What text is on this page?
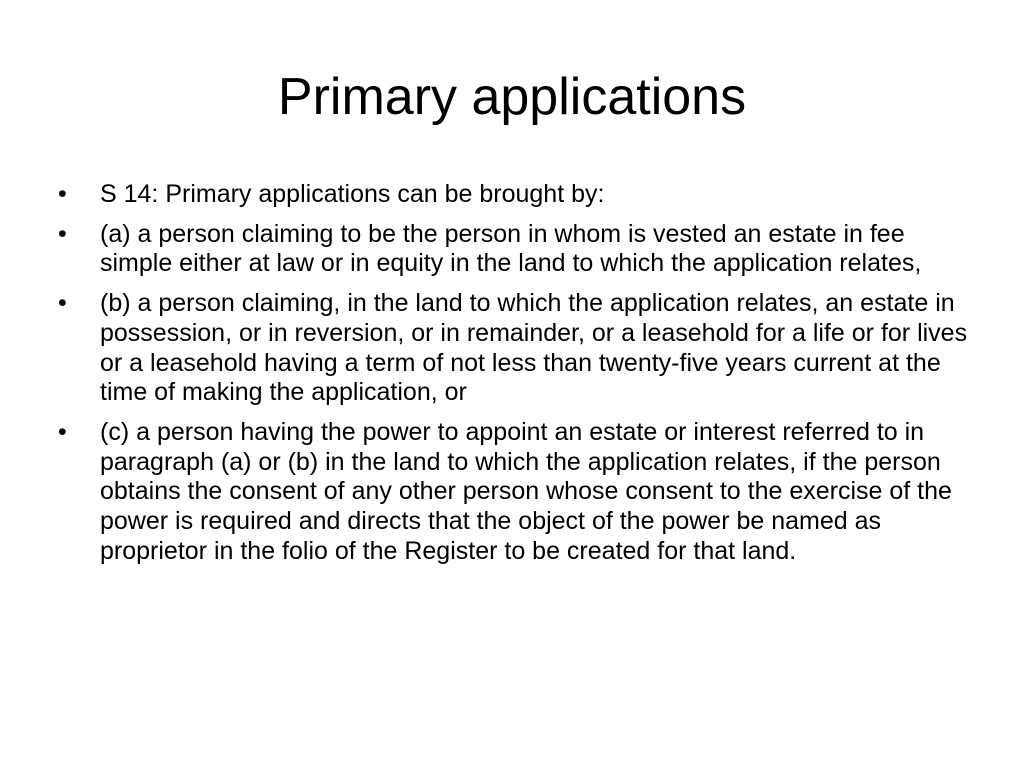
Primary applications
•	S 14: Primary applications can be brought by:
•	(a) a person claiming to be the person in whom is vested an estate in fee simple either at law or in equity in the land to which the application relates,
•	(b) a person claiming, in the land to which the application relates, an estate in possession, or in reversion, or in remainder, or a leasehold for a life or for lives or a leasehold having a term of not less than twenty-five years current at the time of making the application, or
•	(c) a person having the power to appoint an estate or interest referred to in paragraph (a) or (b) in the land to which the application relates, if the person obtains the consent of any other person whose consent to the exercise of the power is required and directs that the object of the power be named as proprietor in the folio of the Register to be created for that land.
